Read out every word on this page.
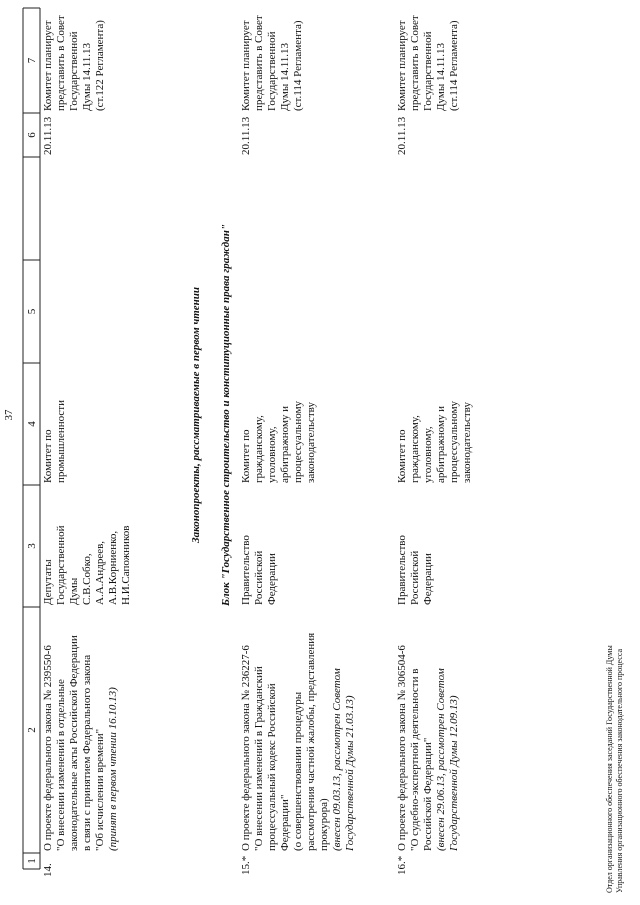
37
1
2
3
4
5
6
7
14.
О проекте федерального закона № 239550-6 "О внесении изменений в отдельные законодательные акты Российской Федерации в связи с принятием Федерального закона "Об исчислении времени" (принят в первом чтении 16.10.13)
Депутаты Государственной Думы С.В.Собко, А.А.Андреев, А.В.Корниенко, Н.И.Сапожников
Комитет по промышленности
20.11.13
Комитет планирует представить в Совет Государственной Думы 14.11.13 (ст.122 Регламента)
Законопроекты, рассматриваемые в первом чтении Блок "Государственное строительство и конституционные права граждан"
15.*
О проекте федерального закона № 236227-6 "О внесении изменений в Гражданский процессуальный кодекс Российской Федерации" (о совершенствовании процедуры рассмотрения частной жалобы, представления прокурора) (внесен 09.03.13, рассмотрен Советом Государственной Думы 21.03.13)
Правительство Российской Федерации
Комитет по гражданскому, уголовному, арбитражному и процессуальному законодательству
20.11.13
Комитет планирует представить в Совет Государственной Думы 14.11.13 (ст.114 Регламента)
16.*
О проекте федерального закона № 306504-6 "О судебно-экспертной деятельности в Российской Федерации" (внесен 29.06.13, рассмотрен Советом Государственной Думы 12.09.13)
Правительство Российской Федерации
Комитет по гражданскому, уголовному, арбитражному и процессуальному законодательству
20.11.13
Комитет планирует представить в Совет Государственной Думы 14.11.13 (ст.114 Регламента)
Отдел организационного обеспечения заседаний Государственной Думы Управления организационного обеспечения законодательного процесса
